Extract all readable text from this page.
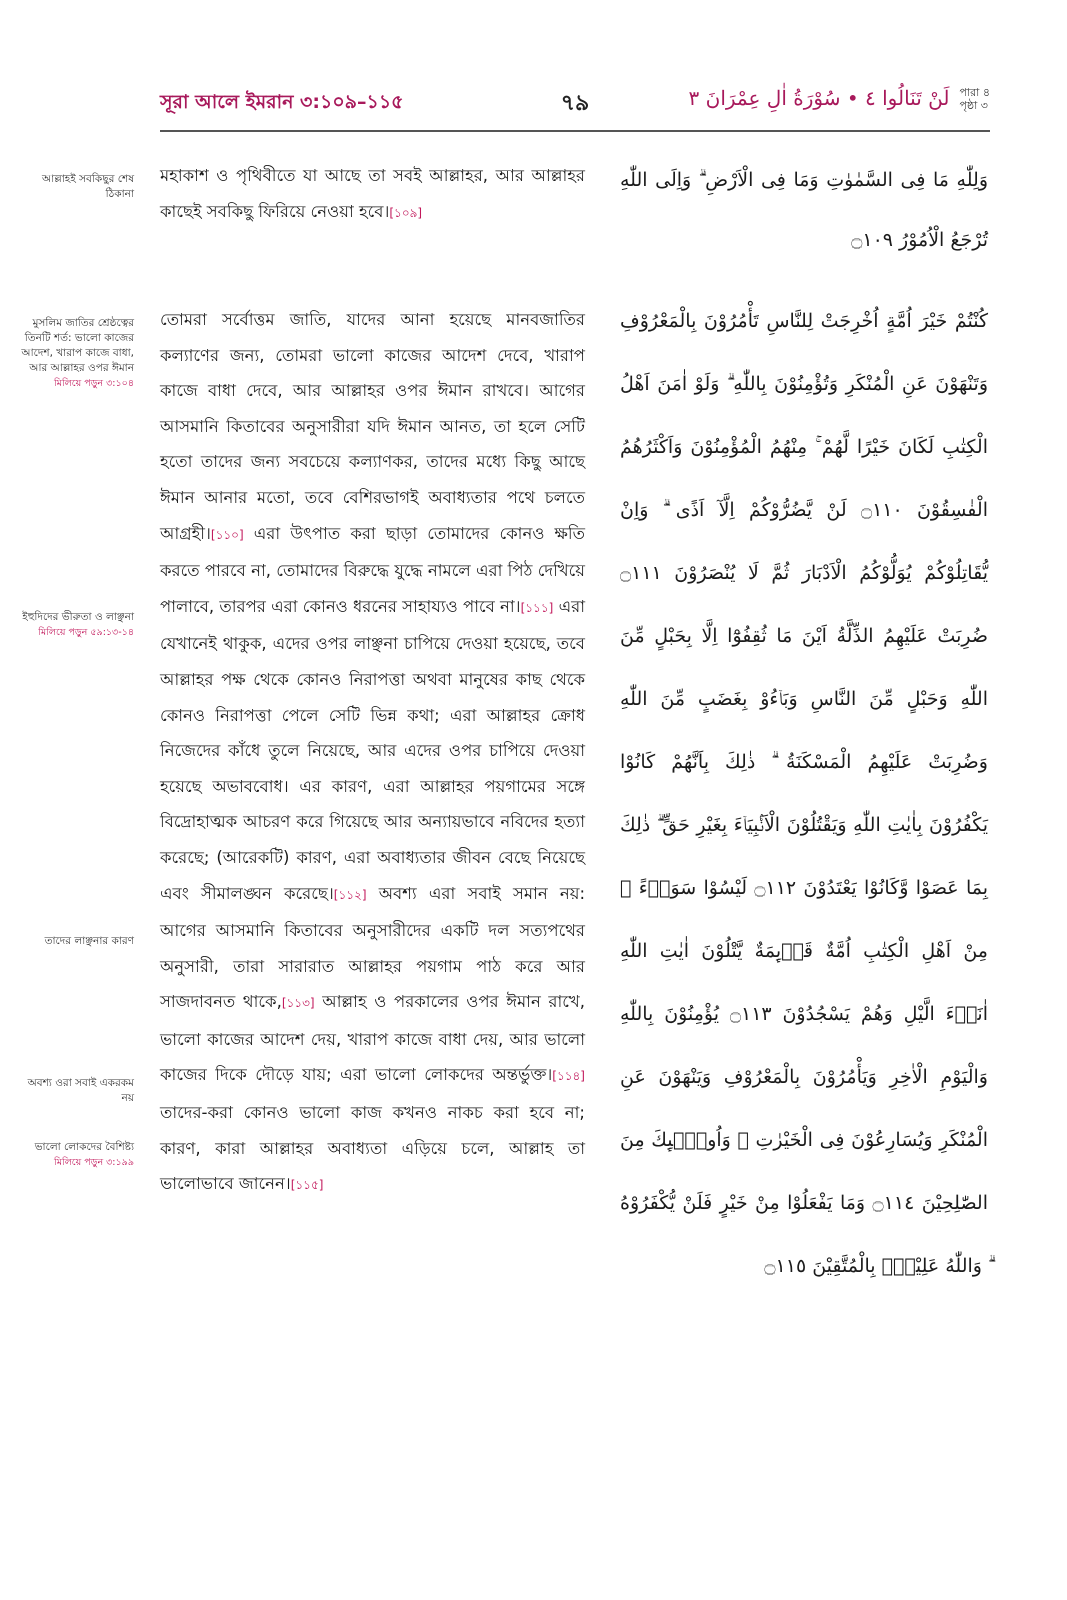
সূরা আলে ইমরান ৩:১০৯–১১৫	৭৯	لَنْ تَنَالُوا ٤ • سُوْرَةُ اٰلِ عِمْرَانَ ٣ পারা ৪
পৃষ্ঠা ৩
আল্লাহই সবকিছুর শেষ ঠিকানা
মুসলিম জাতির শ্রেষ্ঠত্বের তিনটি শর্ত: ভালো কাজের আদেশ, খারাপ কাজে বাধা, আর আল্লাহর ওপর ঈমান
মিলিয়ে পড়ুন ৩:১০৪
ইহুদিদের ভীরুতা ও লাঞ্ছনা
মিলিয়ে পড়ুন ৫৯:১৩-১৪
তাদের লাঞ্ছনার কারণ
অবশ্য ওরা সবাই একরকম নয়
ভালো লোকদের বৈশিষ্ট্য মিলিয়ে পড়ুন ৩:১৯৯
মহাকাশ ও পৃথিবীতে যা আছে তা সবই আল্লাহর, আর আল্লাহর কাছেই সবকিছু ফিরিয়ে নেওয়া হবে।[১০৯]
তোমরা সর্বোত্তম জাতি, যাদের আনা হয়েছে মানবজাতির কল্যাণের জন্য, তোমরা ভালো কাজের আদেশ দেবে, খারাপ কাজে বাধা দেবে, আর আল্লাহর ওপর ঈমান রাখবে। আগের আসমানি কিতাবের অনুসারীরা যদি ঈমান আনত, তা হলে সেটি হতো তাদের জন্য সবচেয়ে কল্যাণকর, তাদের মধ্যে কিছু আছে ঈমান আনার মতো, তবে বেশিরভাগই অবাধ্যতার পথে চলতে আগ্রহী।[১১০] এরা উৎপাত করা ছাড়া তোমাদের কোনও ক্ষতি করতে পারবে না, তোমাদের বিরুদ্ধে যুদ্ধে নামলে এরা পিঠ দেখিয়ে পালাবে, তারপর এরা কোনও ধরনের সাহায্যও পাবে না।[১১১] এরা যেখানেই থাকুক, এদের ওপর লাঞ্ছনা চাপিয়ে দেওয়া হয়েছে, তবে আল্লাহর পক্ষ থেকে কোনও নিরাপত্তা অথবা মানুষের কাছ থেকে কোনও নিরাপত্তা পেলে সেটি ভিন্ন কথা; এরা আল্লাহর ক্রোধ নিজেদের কাঁধে তুলে নিয়েছে, আর এদের ওপর চাপিয়ে দেওয়া হয়েছে অভাববোধ। এর কারণ, এরা আল্লাহর পয়গামের সঙ্গে বিদ্রোহাত্মক আচরণ করে গিয়েছে আর অন্যায়ভাবে নবিদের হত্যা করেছে; (আরেকটি) কারণ, এরা অবাধ্যতার জীবন বেছে নিয়েছে এবং সীমালঙ্ঘন করেছে।[১১২] অবশ্য এরা সবাই সমান নয়: আগের আসমানি কিতাবের অনুসারীদের একটি দল সত্যপথের অনুসারী, তারা সারারাত আল্লাহর পয়গাম পাঠ করে আর সাজদাবনত থাকে,[১১৩] আল্লাহ ও পরকালের ওপর ঈমান রাখে, ভালো কাজের আদেশ দেয়, খারাপ কাজে বাধা দেয়, আর ভালো কাজের দিকে দৌড়ে যায়; এরা ভালো লোকদের অন্তর্ভুক্ত।[১১৪] তাদের-করা কোনও ভালো কাজ কখনও নাকচ করা হবে না; কারণ, কারা আল্লাহর অবাধ্যতা এড়িয়ে চলে, আল্লাহ তা ভালোভাবে জানেন।[১১৫]
وَلِلّٰهِ مَا فِى السَّمٰوٰتِ وَمَا فِى الْاَرْضِ ۗ وَاِلَى اللّٰهِ تُرْجَعُ الْاُمُوْرُ ۝١٠٩
كُنْتُمْ خَيْرَ اُمَّةٍ اُخْرِجَتْ لِلنَّاسِ تَأْمُرُوْنَ بِالْمَعْرُوْفِ وَتَنْهَوْنَ عَنِ الْمُنْكَرِ وَتُؤْمِنُوْنَ بِاللّٰهِ ۗ وَلَوْ اٰمَنَ اَهْلُ الْكِتٰبِ لَكَانَ خَيْرًا لَّهُمْ ۚ مِنْهُمُ الْمُؤْمِنُوْنَ وَاَكْثَرُهُمُ الْفٰسِقُوْنَ ۝١١٠ لَنْ يَّضُرُّوْكُمْ اِلَّآ اَذًى ۗ وَاِنْ يُّقَاتِلُوْكُمْ يُوَلُّوْكُمُ الْاَدْبَارَ ثُمَّ لَا يُنْصَرُوْنَ ۝١١١ ضُرِبَتْ عَلَيْهِمُ الذِّلَّةُ اَيْنَ مَا ثُقِفُوْٓا اِلَّا بِحَبْلٍ مِّنَ اللّٰهِ وَحَبْلٍ مِّنَ النَّاسِ وَبَاۤءُوْ بِغَضَبٍ مِّنَ اللّٰهِ وَضُرِبَتْ عَلَيْهِمُ الْمَسْكَنَةُ ۗ ذٰلِكَ بِاَنَّهُمْ كَانُوْا يَكْفُرُوْنَ بِاٰيٰتِ اللّٰهِ وَيَقْتُلُوْنَ الْاَنْۢبِيَاۤءَ بِغَيْرِ حَقٍّ ۗ ذٰلِكَ بِمَا عَصَوْا وَّكَانُوْا يَعْتَدُوْنَ ۝١١٢ لَيْسُوْا سَوَاۤءً ۗ مِنْ اَهْلِ الْكِتٰبِ اُمَّةٌ قَاۤىِٕمَةٌ يَّتْلُوْنَ اٰيٰتِ اللّٰهِ اٰنَاۤءَ الَّيْلِ وَهُمْ يَسْجُدُوْنَ ۝١١٣ يُؤْمِنُوْنَ بِاللّٰهِ وَالْيَوْمِ الْاٰخِرِ وَيَأْمُرُوْنَ بِالْمَعْرُوْفِ وَيَنْهَوْنَ عَنِ الْمُنْكَرِ وَيُسَارِعُوْنَ فِى الْخَيْرٰتِ ۗ وَاُولٰۤىِٕكَ مِنَ الصّٰلِحِيْنَ ۝١١٤ وَمَا يَفْعَلُوْا مِنْ خَيْرٍ فَلَنْ يُّكْفَرُوْهُ ۗ وَاللّٰهُ عَلِيْمٌۢ بِالْمُتَّقِيْنَ ۝١١٥
